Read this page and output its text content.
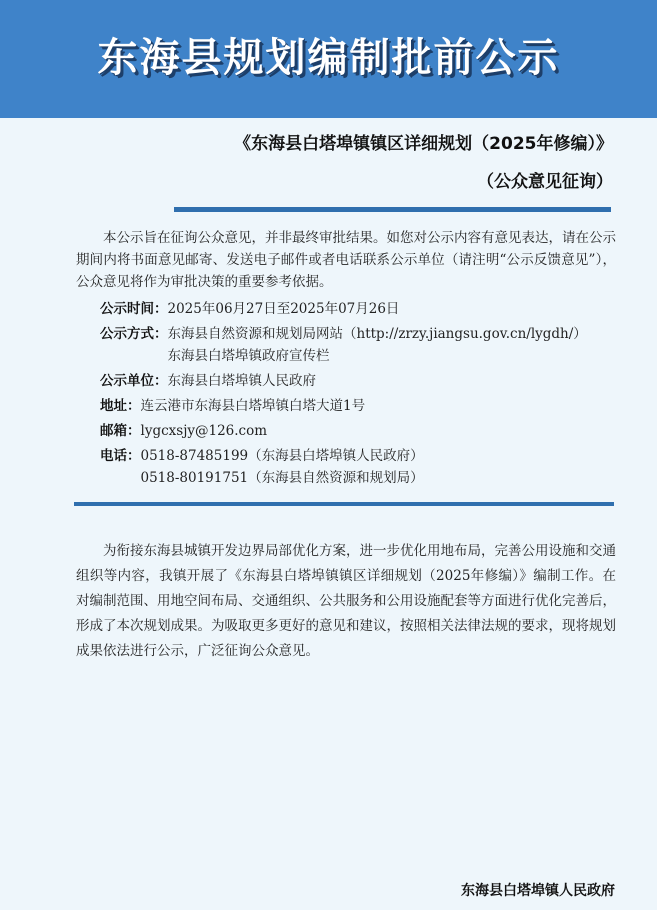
东海县规划编制批前公示
《东海县白塔埠镇镇区详细规划（2025年修编）》
（公众意见征询）

本公示旨在征询公众意见，并非最终审批结果。如您对公示内容有意见表达，请在公示期间内将书面意见邮寄、发送电子邮件或者电话联系公示单位（请注明“公示反馈意见”），公众意见将作为审批决策的重要参考依据。

公示时间： 2025年06月27日至2025年07月26日
公示方式： 东海县自然资源和规划局网站（http://zrzy.jiangsu.gov.cn/lygdh/）
东海县白塔埠镇政府宣传栏
公示单位： 东海县白塔埠镇人民政府
地址： 连云港市东海县白塔埠镇白塔大道1号
邮箱： lygcxsjy@126.com
电话： 0518-87485199（东海县白塔埠镇人民政府）
0518-80191751（东海县自然资源和规划局）

为衔接东海县城镇开发边界局部优化方案，进一步优化用地布局，完善公用设施和交通组织等内容，我镇开展了《东海县白塔埠镇镇区详细规划（2025年修编）》编制工作。在对编制范围、用地空间布局、交通组织、公共服务和公用设施配套等方面进行优化完善后，形成了本次规划成果。为吸取更多更好的意见和建议，按照相关法律法规的要求，现将规划成果依法进行公示，广泛征询公众意见。

东海县白塔埠镇人民政府
